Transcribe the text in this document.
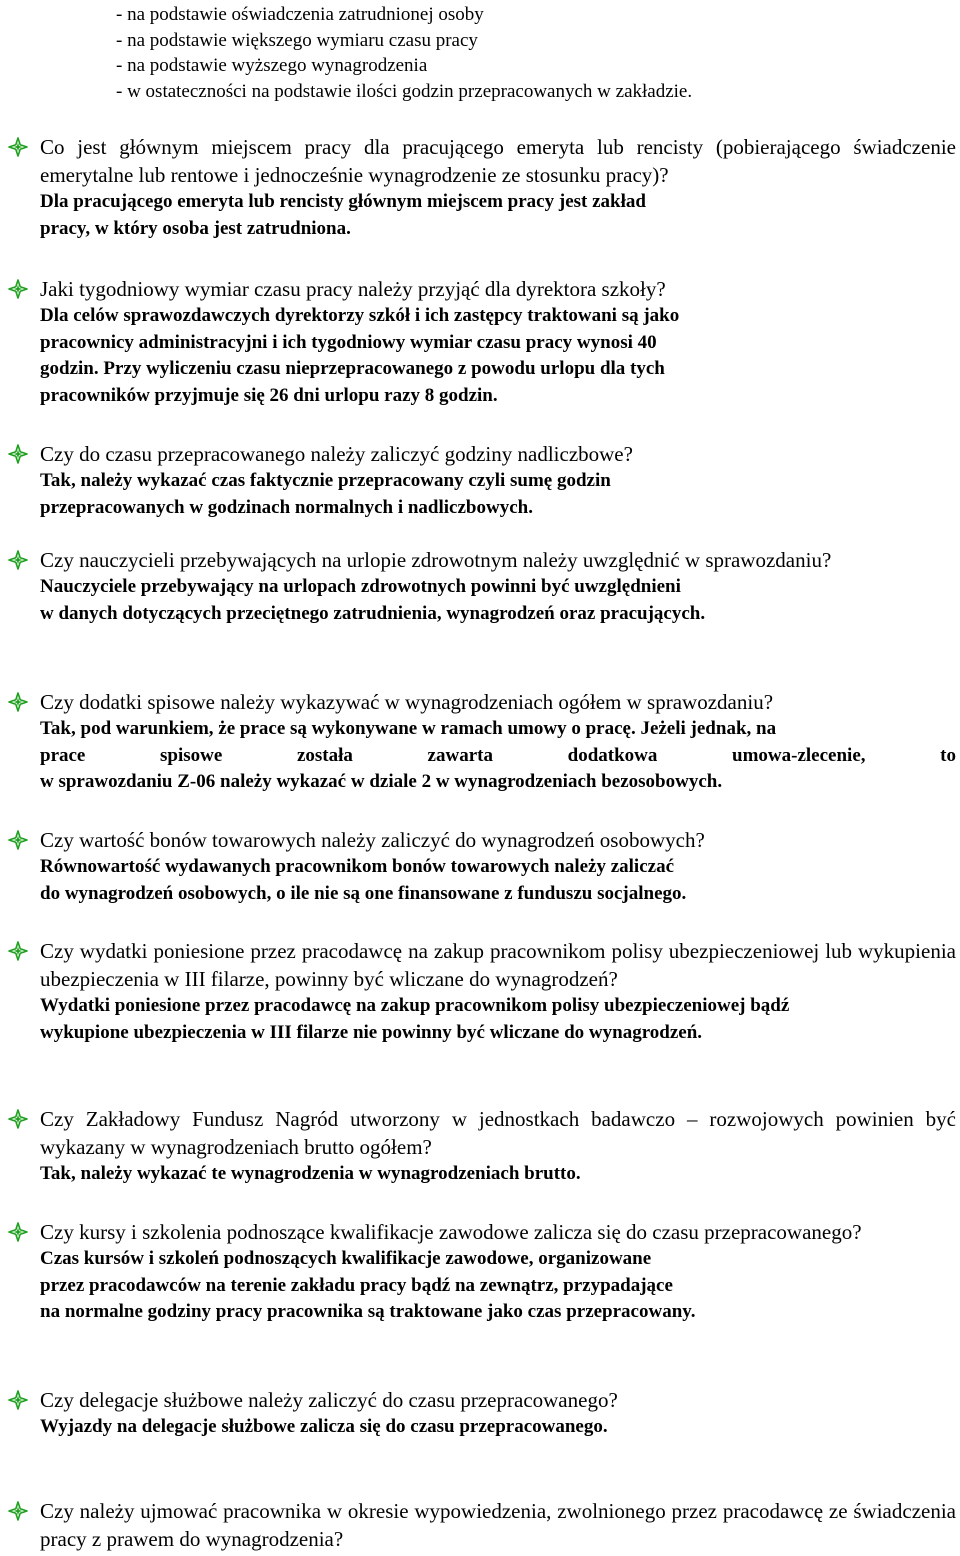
- na podstawie oświadczenia zatrudnionej osoby
- na podstawie większego wymiaru czasu pracy
- na podstawie wyższego wynagrodzenia
- w ostateczności na podstawie ilości godzin przepracowanych w zakładzie.
Co jest głównym miejscem pracy dla pracującego emeryta lub rencisty (pobierającego świadczenie emerytalne lub rentowe i jednocześnie wynagrodzenie ze stosunku pracy)?
Dla pracującego emeryta lub rencisty głównym miejscem pracy jest zakład
pracy, w który osoba jest zatrudniona.
Jaki tygodniowy wymiar czasu pracy należy przyjąć dla dyrektora szkoły?
Dla celów sprawozdawczych dyrektorzy szkół i ich zastępcy traktowani są jako
pracownicy administracyjni i ich tygodniowy wymiar czasu pracy wynosi 40
godzin. Przy wyliczeniu czasu nieprzepracowanego z powodu urlopu dla tych
pracowników przyjmuje się 26 dni urlopu razy 8 godzin.
Czy do czasu przepracowanego należy zaliczyć godziny nadliczbowe?
Tak, należy wykazać czas faktycznie przepracowany czyli sumę godzin
przepracowanych w godzinach normalnych i nadliczbowych.
Czy nauczycieli przebywających na urlopie zdrowotnym należy uwzględnić w sprawozdaniu?
Nauczyciele przebywający na urlopach zdrowotnych powinni być uwzględnieni
w danych dotyczących przeciętnego zatrudnienia, wynagrodzeń oraz pracujących.
Czy dodatki spisowe należy wykazywać w wynagrodzeniach ogółem w sprawozdaniu?
Tak, pod warunkiem, że prace są wykonywane w ramach umowy o pracę. Jeżeli jednak, na
prace spisowe została zawarta dodatkowa umowa-zlecenie, to
w sprawozdaniu Z-06 należy wykazać w dziale 2 w wynagrodzeniach bezosobowych.
Czy wartość bonów towarowych należy zaliczyć do wynagrodzeń osobowych?
Równowartość wydawanych pracownikom bonów towarowych należy zaliczać
do wynagrodzeń osobowych, o ile nie są one finansowane z funduszu socjalnego.
Czy wydatki poniesione przez pracodawcę na zakup pracownikom polisy ubezpieczeniowej lub wykupienia ubezpieczenia w III filarze, powinny być wliczane do wynagrodzeń?
Wydatki poniesione przez pracodawcę na zakup pracownikom polisy ubezpieczeniowej bądź
wykupione ubezpieczenia w III filarze nie powinny być wliczane do wynagrodzeń.
Czy Zakładowy Fundusz Nagród utworzony w jednostkach badawczo – rozwojowych powinien być wykazany w wynagrodzeniach brutto ogółem?
Tak, należy wykazać te wynagrodzenia w wynagrodzeniach brutto.
Czy kursy i szkolenia podnoszące kwalifikacje zawodowe zalicza się do czasu przepracowanego?
Czas kursów i szkoleń podnoszących kwalifikacje zawodowe, organizowane
przez pracodawców na terenie zakładu pracy bądź na zewnątrz, przypadające
na normalne godziny pracy pracownika są traktowane jako czas przepracowany.
Czy delegacje służbowe należy zaliczyć do czasu przepracowanego?
Wyjazdy na delegacje służbowe zalicza się do czasu przepracowanego.
Czy należy ujmować pracownika w okresie wypowiedzenia, zwolnionego przez pracodawcę ze świadczenia pracy z prawem do wynagrodzenia?
